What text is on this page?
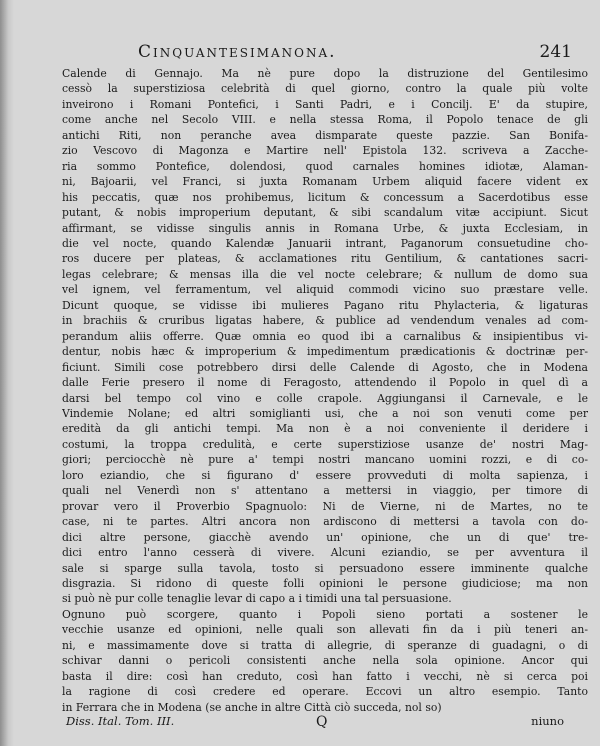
Cinquantesimanona.	241
Calende di Gennajo. Ma nè pure dopo la distruzione del Gentilesimo
cessò la superstiziosa celebrità di quel giorno, contro la quale più volte
inveirono i Romani Pontefici, i Santi Padri, e i Concilj. E' da stupire,
come anche nel Secolo VIII. e nella stessa Roma, il Popolo tenace de gli
antichi Riti, non peranche avea dismparate queste pazzie. San Bonifa-
zio Vescovo di Magonza e Martire nell' Epistola 132. scriveva a Zacche-
ria sommo Pontefice, dolendosi, quod carnales homines idiotæ, Alaman-
ni, Bajoarii, vel Franci, si juxta Romanam Urbem aliquid facere vident ex
his peccatis, quæ nos prohibemus, licitum & concessum a Sacerdotibus esse
putant, & nobis improperium deputant, & sibi scandalum vitæ accipiunt. Sicut
affirmant, se vidisse singulis annis in Romana Urbe, & juxta Ecclesiam, in
die vel nocte, quando Kalendæ Januarii intrant, Paganorum consuetudine cho-
ros ducere per plateas, & acclamationes ritu Gentilium, & cantationes sacri-
legas celebrare; & mensas illa die vel nocte celebrare; & nullum de domo sua
vel ignem, vel ferramentum, vel aliquid commodi vicino suo præstare velle.
Dicunt quoque, se vidisse ibi mulieres Pagano ritu Phylacteria, & ligaturas
in brachiis & cruribus ligatas habere, & publice ad vendendum venales ad com-
perandum aliis offerre. Quæ omnia eo quod ibi a carnalibus & insipientibus vi-
dentur, nobis hæc & improperium & impedimentum prædicationis & doctrinæ per-
ficiunt. Simili cose potrebbero dirsi delle Calende di Agosto, che in Modena
dalle Ferie presero il nome di Feragosto, attendendo il Popolo in quel dì a
darsi bel tempo col vino e colle crapole. Aggiungansi il Carnevale, e le
Vindemie Nolane; ed altri somiglianti usi, che a noi son venuti come per
eredità da gli antichi tempi. Ma non è a noi conveniente il deridere i
costumi, la troppa credulità, e certe superstiziose usanze de' nostri Mag-
giori; perciocchè nè pure a' tempi nostri mancano uomini rozzi, e di co-
loro eziandio, che si figurano d' essere provveduti di molta sapienza, i
quali nel Venerdì non s' attentano a mettersi in viaggio, per timore di
provar vero il Proverbio Spagnuolo: Ni de Vierne, ni de Martes, no te
case, ni te partes. Altri ancora non ardiscono di mettersi a tavola con do-
dici altre persone, giacchè avendo un' opinione, che un di que' tre-
dici entro l'anno cesserà di vivere. Alcuni eziandio, se per avventura il
sale si sparge sulla tavola, tosto si persuadono essere imminente qualche
disgrazia. Si ridono di queste folli opinioni le persone giudiciose; ma non
si può nè pur colle tenaglie levar di capo a i timidi una tal persuasione.
Ognuno può scorgere, quanto i Popoli sieno portati a sostener le
vecchie usanze ed opinioni, nelle quali son allevati fin da i più teneri an-
ni, e massimamente dove si tratta di allegrie, di speranze di guadagni, o di
schivar danni o pericoli consistenti anche nella sola opinione. Ancor qui
basta il dire: così han creduto, così han fatto i vecchi, nè si cerca poi
la ragione di così credere ed operare. Eccovi un altro esempio. Tanto
in Ferrara che in Modena (se anche in altre Città ciò succeda, nol so)
Diss. Ital. Tom. III.	Q	niuno
